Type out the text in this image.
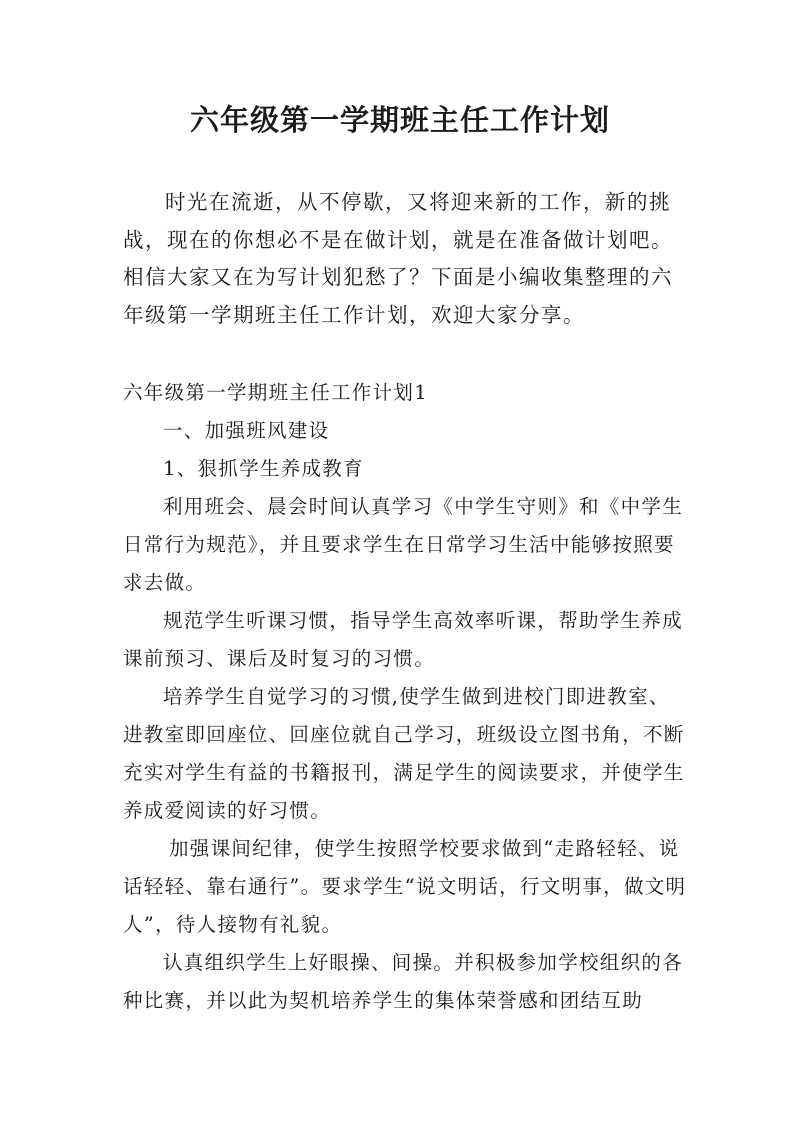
六年级第一学期班主任工作计划

时光在流逝，从不停歇，又将迎来新的工作，新的挑战，现在的你想必不是在做计划，就是在准备做计划吧。相信大家又在为写计划犯愁了？下面是小编收集整理的六年级第一学期班主任工作计划，欢迎大家分享。

六年级第一学期班主任工作计划1

一、加强班风建设

1、狠抓学生养成教育

利用班会、晨会时间认真学习《中学生守则》和《中学生日常行为规范》，并且要求学生在日常学习生活中能够按照要求去做。

规范学生听课习惯，指导学生高效率听课，帮助学生养成课前预习、课后及时复习的习惯。

培养学生自觉学习的习惯,使学生做到进校门即进教室、进教室即回座位、回座位就自己学习，班级设立图书角，不断充实对学生有益的书籍报刊，满足学生的阅读要求，并使学生养成爱阅读的好习惯。

加强课间纪律，使学生按照学校要求做到“走路轻轻、说话轻轻、靠右通行”。要求学生“说文明话，行文明事，做文明人”，待人接物有礼貌。

认真组织学生上好眼操、间操。并积极参加学校组织的各种比赛，并以此为契机培养学生的集体荣誉感和团结互助
